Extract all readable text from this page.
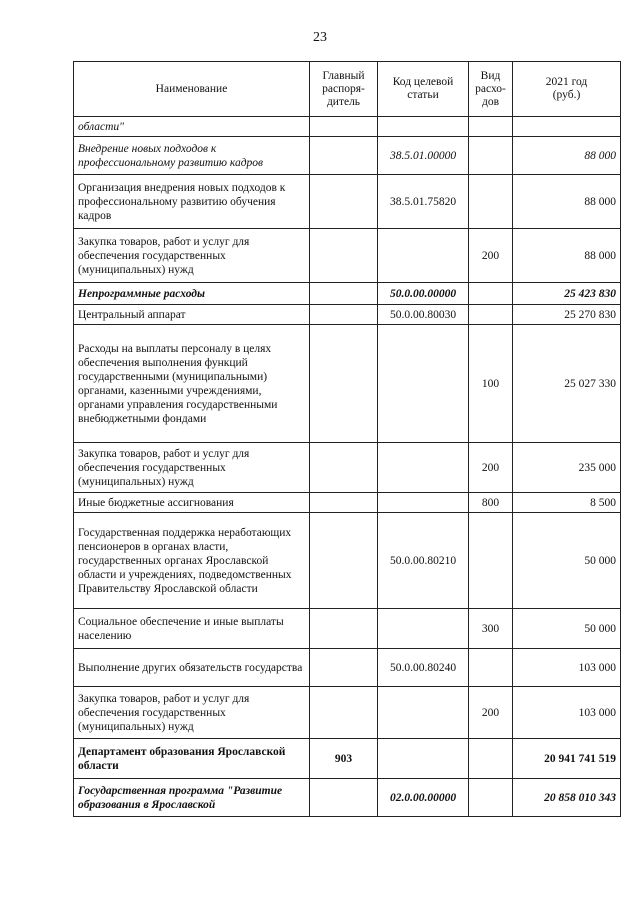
23
Наименование	Главный
распоря-
дитель	Код целевой
статьи	Вид
расхо-
дов	2021 год
(руб.)
области"				
Внедрение новых подходов к профессиональному развитию кадров		38.5.01.00000		88 000
Организация внедрения новых подходов к профессиональному развитию обучения кадров		38.5.01.75820		88 000
Закупка товаров, работ и услуг для обеспечения государственных (муниципальных) нужд			200	88 000
Непрограммные расходы		50.0.00.00000		25 423 830
Центральный аппарат		50.0.00.80030		25 270 830
Расходы на выплаты персоналу в целях обеспечения выполнения функций государственными (муниципальными) органами, казенными учреждениями, органами управления государственными внебюджетными фондами			100	25 027 330
Закупка товаров, работ и услуг для обеспечения государственных (муниципальных) нужд			200	235 000
Иные бюджетные ассигнования			800	8 500
Государственная поддержка неработающих пенсионеров в органах власти, государственных органах Ярославской области и учреждениях, подведомственных Правительству Ярославской области		50.0.00.80210		50 000
Социальное обеспечение и иные выплаты населению			300	50 000
Выполнение других обязательств государства		50.0.00.80240		103 000
Закупка товаров, работ и услуг для обеспечения государственных (муниципальных) нужд			200	103 000
Департамент образования Ярославской области	903			20 941 741 519
Государственная программа "Развитие образования в Ярославской		02.0.00.00000		20 858 010 343
